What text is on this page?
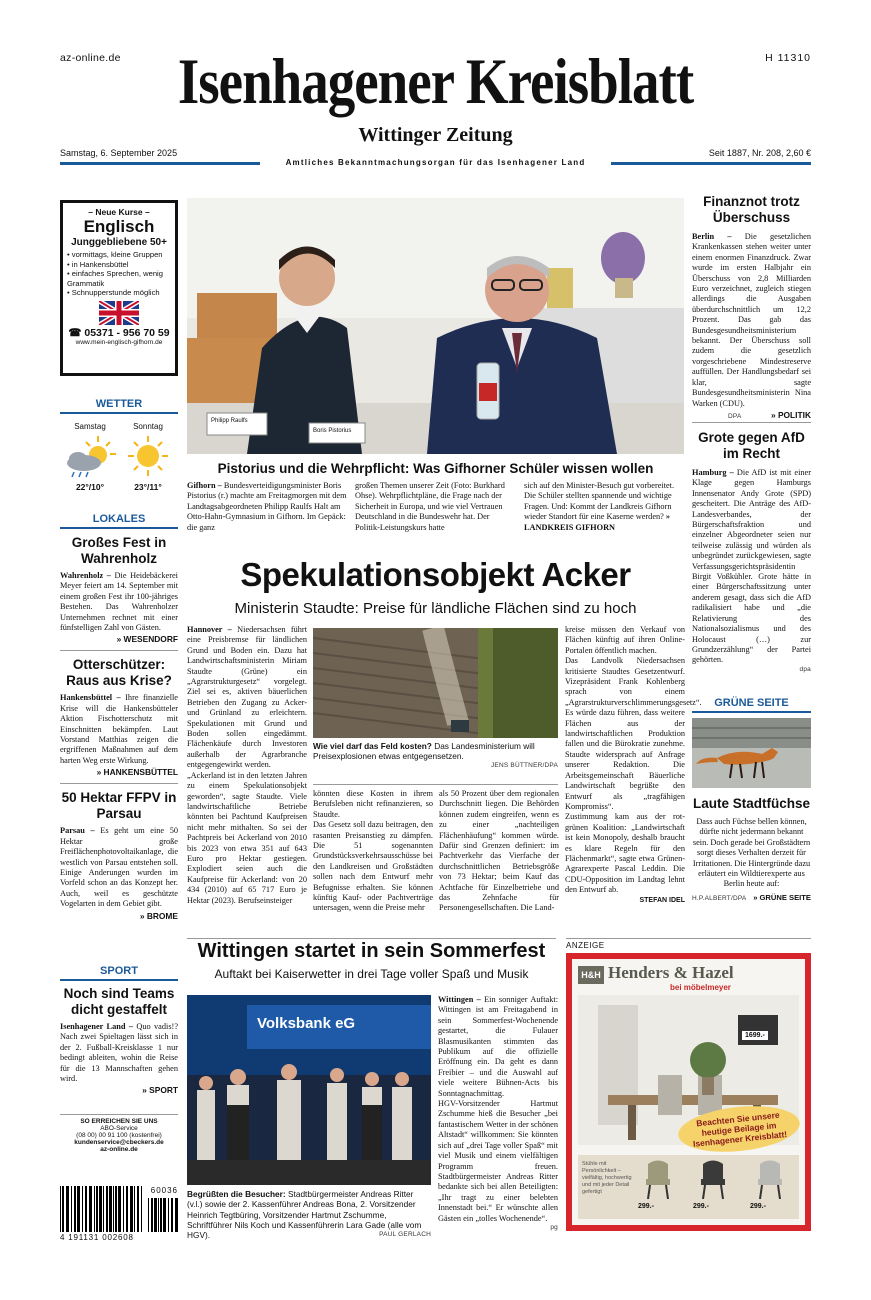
az-online.de	H 11310
Isenhagener Kreisblatt
Wittinger Zeitung
Samstag, 6. September 2025	Seit 1887, Nr. 208, 2,60 €
Amtliches Bekanntmachungsorgan für das Isenhagener Land
– Neue Kurse –
Englisch
Junggebliebene 50+
• vormittags, kleine Gruppen
• in Hankensbüttel
• einfaches Sprechen, wenig Grammatik
• Schnupperstunde möglich
☎ 05371 - 956 70 59
www.mein-englisch-gifhorn.de
WETTER
Samstag	Sonntag
22°/10°	23°/11°
LOKALES
Großes Fest in Wahrenholz

Wahrenholz – Die Heidebäckerei Meyer feiert am 14. September mit einem großen Fest ihr 100-jähriges Bestehen. Das Wahrenholzer Unternehmen rechnet mit einer fünfstelligen Zahl von Gästen.

» WESENDORF
Otterschützer: Raus aus Krise?

Hankensbüttel – Ihre finanzielle Krise will die Hankensbütteler Aktion Fischotterschutz mit Einschnitten bekämpfen. Laut Vorstand Matthias zeigen die ergriffenen Maßnahmen auf dem harten Weg erste Wirkung.

» HANKENSBÜTTEL
50 Hektar FFPV in Parsau

Parsau – Es geht um eine 50 Hektar große Freiflächenphotovoltaikanlage, die westlich von Parsau entstehen soll. Einige Anderungen wurden im Vorfeld schon an das Konzept her. Auch, weil es geschützte Vogelarten in dem Gebiet gibt.

» BROME
SPORT
Noch sind Teams dicht gestaffelt

Isenhagener Land – Quo vadis!? Nach zwei Spieltagen lässt sich in der 2. Fußball-Kreisklasse 1 nur bedingt ableiten, wohin die Reise für die 13 Mannschaften gehen wird.

» SPORT
SO ERREICHEN SIE UNS
ABO-Service
(08 00) 00 91 100 (kostenfrei)
kundenservice@cbeckers.de
az-online.de
60036
4 191131 002608
Philipp Raulfs
Boris Pistorius
Pistorius und die Wehrpflicht: Was Gifhorner Schüler wissen wollen

Gifhorn – Bundesverteidigungsminister Boris Pistorius (r.) machte am Freitagmorgen mit dem Landtagsabgeordneten Philipp Raulfs Halt am Otto-Hahn-Gymnasium in Gifhorn. Im Gepäck: die ganz

großen Themen unserer Zeit (Foto: Burkhard Ohse). Wehrpflichtpläne, die Frage nach der Sicherheit in Europa, und wie viel Vertrauen Deutschland in die Bundeswehr hat. Der Politik-Leistungskurs hatte

sich auf den Minister-Besuch gut vorbereitet. Die Schüler stellten spannende und wichtige Fragen. Und: Kommt der Landkreis Gifhorn wieder Standort für eine Kaserne werden? » LANDKREIS GIFHORN

Spekulationsobjekt Acker
Ministerin Staudte: Preise für ländliche Flächen sind zu hoch

Hannover – Niedersachsen führt eine Preisbremse für ländlichen Grund und Boden ein. Dazu hat Landwirtschaftsministerin Miriam Staudte (Grüne) ein „Agrarstrukturgesetz“ vorgelegt. Ziel sei es, aktiven bäuerlichen Betrieben den Zugang zu Acker- und Grünland zu erleichtern. Spekulationen mit Grund und Boden sollen eingedämmt. Flächenkäufe durch Investoren außerhalb der Agrarbranche entgegengewirkt werden.
„Ackerland ist in den letzten Jahren zu einem Spekulationsobjekt geworden“, sagte Staudte. Viele landwirtschaftliche Betriebe könnten bei Pachtund Kaufpreisen nicht mehr mithalten. So sei der Pachtpreis bei Ackerland von 2010 bis 2023 von etwa 351 auf 643 Euro pro Hektar gestiegen. Explodiert seien auch die Kaufpreise für Ackerland: von 20 434 (2010) auf 65 717 Euro je Hektar (2023). Berufseinsteiger

Wie viel darf das Feld kosten? Das Landesministerium will Preisexplosionen etwas entgegensetzen.
JENS BÜTTNER/DPA

könnten diese Kosten in ihrem Berufsleben nicht refinanzieren, so Staudte.
Das Gesetz soll dazu beitragen, den rasanten Preisanstieg zu dämpfen. Die 51 sogenannten Grundstücksverkehrsausschüsse bei den Landkreisen und Großstädten sollen nach dem Entwurf mehr Befugnisse erhalten. Sie können künftig Kauf- oder Pachtverträge untersagen, wenn die Preise mehr

als 50 Prozent über dem regionalen Durchschnitt liegen. Die Behörden können zudem eingreifen, wenn es zu einer „nachteiligen Flächenhäufung“ kommen würde. Dafür sind Grenzen definiert: im Pachtverkehr das Vierfache der durchschnittlichen Betriebsgröße von 73 Hektar; beim Kauf das Achtfache für Einzelbetriebe und das Zehnfache für Personengesellschaften. Die Land-

kreise müssen den Verkauf von Flächen künftig auf ihren Online-Portalen öffentlich machen.
Das Landvolk Niedersachsen kritisierte Staudtes Gesetzentwurf. Vizepräsident Frank Kohlenberg sprach von einem „Agrarstrukturverschlimmerungsgesetz“. Es würde dazu führen, dass weitere Flächen aus der landwirtschaftlichen Produktion fallen und die Bürokratie zunehme. Staudte widersprach auf Anfrage unserer Redaktion. Die Arbeitsgemeinschaft Bäuerliche Landwirtschaft begrüßte den Entwurf als „tragfähigen Kompromiss“.
Zustimmung kam aus der rot-grünen Koalition: „Landwirtschaft ist kein Monopoly, deshalb braucht es klare Regeln für den Flächenmarkt“, sagte etwa Grünen-Agrarexperte Pascal Leddin. Die CDU-Opposition im Landtag lehnt den Entwurf ab.

STEFAN IDEL
Wittingen startet in sein Sommerfest
Auftakt bei Kaiserwetter in drei Tage voller Spaß und Musik
Volksbank eG
Begrüßten die Besucher: Stadtbürgermeister Andreas Ritter (v.l.) sowie der 2. Kassenführer Andreas Bona, 2. Vorsitzender Heinrich Tegtbüring, Vorsitzender Hartmut Zschumme, Schriftführer Nils Koch und Kassenführerin Lara Gade (alle vom HGV).	PAUL GERLACH

Wittingen – Ein sonniger Auftakt: Wittingen ist am Freitagabend in sein Sommerfest-Wochenende gestartet, die Fulauer Blasmusikanten stimmten das Publikum auf die offizielle Eröffnung ein. Da geht es dann Freibier – und die Auswahl auf viele weitere Bühnen-Acts bis Sonntagnachmittag.
HGV-Vorsitzender Hartmut Zschumme hieß die Besucher „bei fantastischem Wetter in der schönen Altstadt“ willkommen: Sie könnten sich auf „drei Tage voller Spaß“ mit viel Musik und einem vielfältigen Programm freuen. Stadtbürgermeister Andreas Ritter bedankte sich bei allen Beteiligten: „Ihr tragt zu einer belebten Innenstadt bei.“ Er wünschte allen Gästen ein „tolles Wochenende“.

pg
ANZEIGE
H&H Henders & Hazel
bei möbelmeyer
1699.-
Beachten Sie unsere heutige Beilage im Isenhagener Kreisblatt!
Stühle mit Persönlichkeit – vielfältig, hochwertig und mit jeder Detail gefertigt
299.-	299.-	299.-
Finanznot trotz Überschuss

Berlin – Die gesetzlichen Krankenkassen stehen weiter unter einem enormen Finanzdruck. Zwar wurde im ersten Halbjahr ein Überschuss von 2,8 Milliarden Euro verzeichnet, zugleich stiegen allerdings die Ausgaben überdurchschnittlich um 12,2 Prozent. Das gab das Bundesgesundheitsministerium bekannt. Der Überschuss soll zudem die gesetzlich vorgeschriebene Mindestreserve auffüllen. Der Handlungsbedarf sei klar, sagte Bundesgesundheitsministerin Nina Warken (CDU).

DPA	» POLITIK
Grote gegen AfD im Recht

Hamburg – Die AfD ist mit einer Klage gegen Hamburgs Innensenator Andy Grote (SPD) gescheitert. Die Anträge des AfD-Landesverbandes, der Bürgerschaftsfraktion und einzelner Abgeordneter seien nur teilweise zulässig und würden als unbegründet zurückgewiesen, sagte Verfassungsgerichtspräsidentin Birgit Voßkühler. Grote hätte in einer Bürgerschaftssitzung unter anderem gesagt, dass sich die AfD radikalisiert habe und „die Relativierung des Nationalsozialismus und des Holocaust (…) zur Grundzerzählung“ der Partei gehörten.

dpa
GRÜNE SEITE
Laute Stadtfüchse

Dass auch Füchse bellen können, dürfte nicht jedermann bekannt sein. Doch gerade bei Großstädtern sorgt dieses Verhalten derzeit für Irritationen. Die Hintergründe dazu erläutert ein Wildtierexperte aus Berlin heute auf:

H.P.ALBERT/DPA » GRÜNE SEITE
